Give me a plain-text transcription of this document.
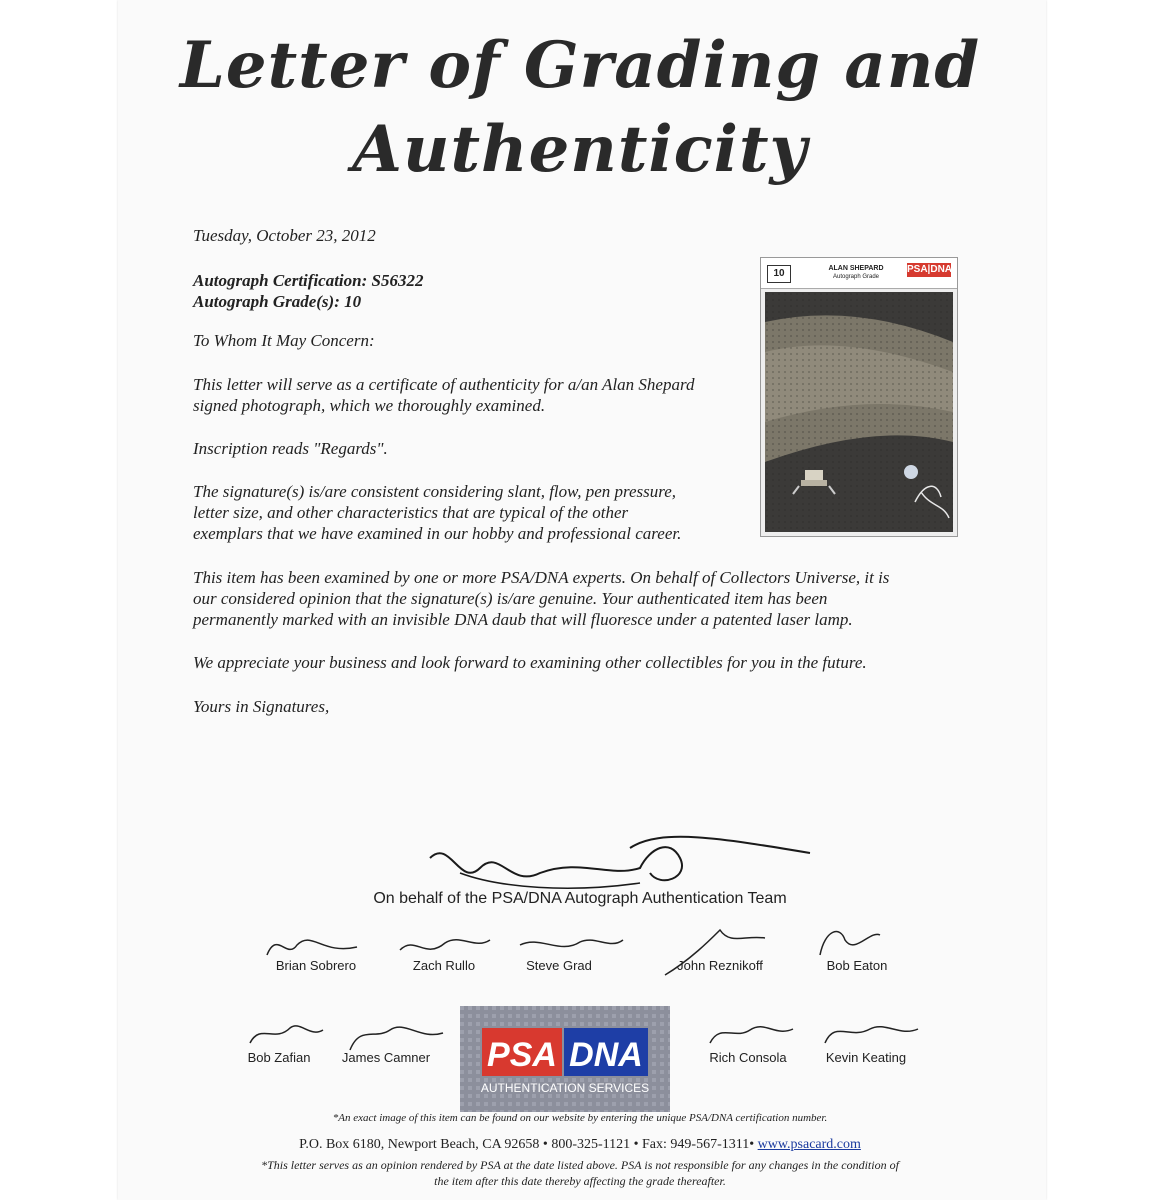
Letter of Grading and
Authenticity
Tuesday, October 23, 2012
Autograph Certification: S56322
Autograph Grade(s): 10
To Whom It May Concern:
This letter will serve as a certificate of authenticity for a/an Alan Shepard
signed photograph, which we thoroughly examined.
Inscription reads "Regards".
The signature(s) is/are consistent considering slant, flow, pen pressure,
letter size, and other characteristics that are typical of the other
exemplars that we have examined in our hobby and professional career.
This item has been examined by one or more PSA/DNA experts. On behalf of Collectors Universe, it is
our considered opinion that the signature(s) is/are genuine. Your authenticated item has been
permanently marked with an invisible DNA daub that will fluoresce under a patented laser lamp.
We appreciate your business and look forward to examining other collectibles for you in the future.
Yours in Signatures,
10	ALAN SHEPARD
Autograph Grade
PSA|DNA
On behalf of the PSA/DNA Autograph Authentication Team
Brian Sobrero	Zach Rullo	Steve Grad	John Reznikoff	Bob Eaton
Bob Zafian	James Camner	Rich Consola	Kevin Keating
PSA DNA
AUTHENTICATION SERVICES
*An exact image of this item can be found on our website by entering the unique PSA/DNA certification number.
P.O. Box 6180, Newport Beach, CA 92658 • 800-325-1121 • Fax: 949-567-1311• www.psacard.com
*This letter serves as an opinion rendered by PSA at the date listed above. PSA is not responsible for any changes in the condition of
the item after this date thereby affecting the grade thereafter.
